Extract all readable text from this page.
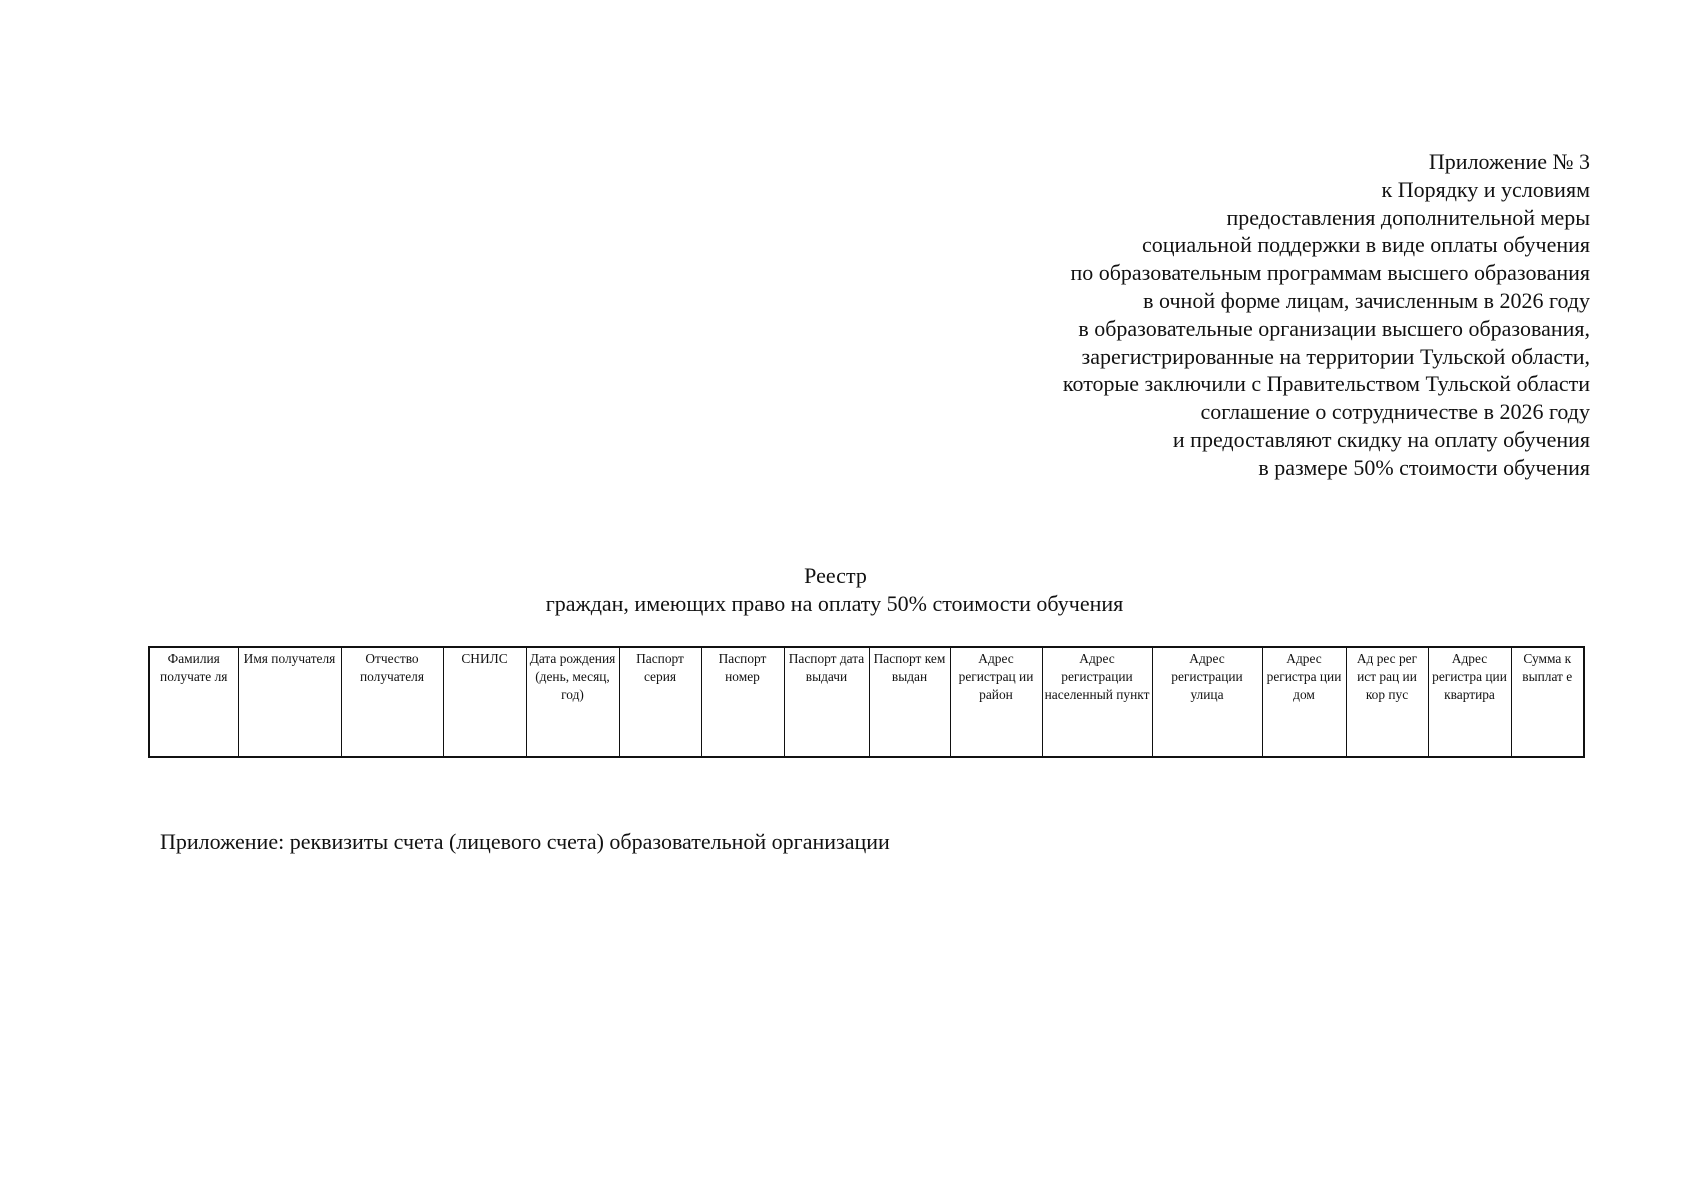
Приложение № 3
к Порядку и условиям
предоставления дополнительной меры
социальной поддержки в виде оплаты обучения
по образовательным программам высшего образования
в очной форме лицам, зачисленным в 2026 году
в образовательные организации высшего образования,
зарегистрированные на территории Тульской области,
которые заключили с Правительством Тульской области
соглашение о сотрудничестве в 2026 году
и предоставляют скидку на оплату обучения
в размере 50% стоимости обучения
Реестр
граждан, имеющих право на оплату 50% стоимости обучения
Фамилия получате ля	Имя получателя	Отчество получателя	СНИЛС	Дата рождения (день, месяц, год)	Паспорт серия	Паспорт номер	Паспорт дата выдачи	Паспорт кем выдан	Адрес регистрац ии район	Адрес регистрации населенный пункт	Адрес регистрации улица	Адрес регистра ции дом	Ад рес рег ист рац ии кор пус	Адрес регистра ции квартира	Сумма к выплат е
Приложение: реквизиты счета (лицевого счета) образовательной организации
